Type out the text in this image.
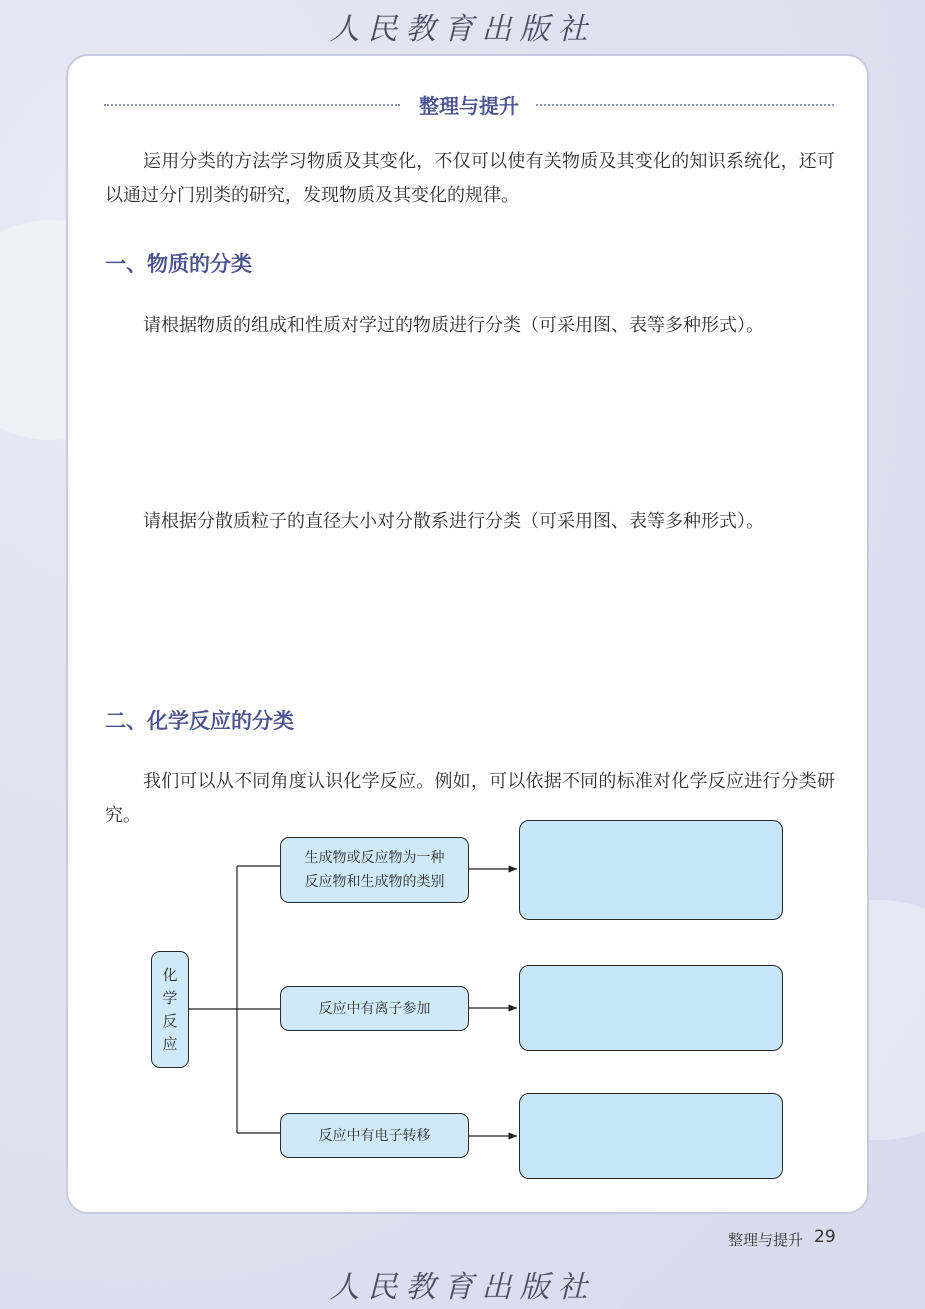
人民教育出版社
整理与提升

运用分类的方法学习物质及其变化，不仅可以使有关物质及其变化的知识系统化，还可以通过分门别类的研究，发现物质及其变化的规律。

一、物质的分类

请根据物质的组成和性质对学过的物质进行分类（可采用图、表等多种形式）。

请根据分散质粒子的直径大小对分散系进行分类（可采用图、表等多种形式）。

二、化学反应的分类

我们可以从不同角度认识化学反应。例如，可以依据不同的标准对化学反应进行分类研究。

化
学
反
应
生成物或反应物为一种
反应物和生成物的类别
反应中有离子参加
反应中有电子转移
整理与提升 29
人民教育出版社
